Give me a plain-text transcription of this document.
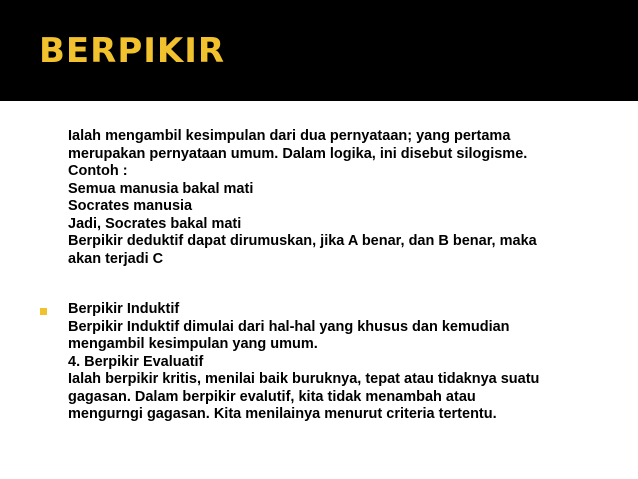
BERPIKIR
Ialah mengambil kesimpulan dari dua pernyataan; yang pertama
merupakan pernyataan umum. Dalam logika, ini disebut silogisme.
Contoh :
Semua manusia bakal mati
Socrates manusia
Jadi, Socrates bakal mati
Berpikir deduktif dapat dirumuskan, jika A benar, dan B benar, maka
akan terjadi C
Berpikir Induktif
Berpikir Induktif dimulai dari hal-hal yang khusus dan kemudian
mengambil kesimpulan yang umum.
4. Berpikir Evaluatif
Ialah berpikir kritis, menilai baik buruknya, tepat atau tidaknya suatu
gagasan. Dalam berpikir evalutif, kita tidak menambah atau
mengurngi gagasan. Kita menilainya menurut criteria tertentu.
